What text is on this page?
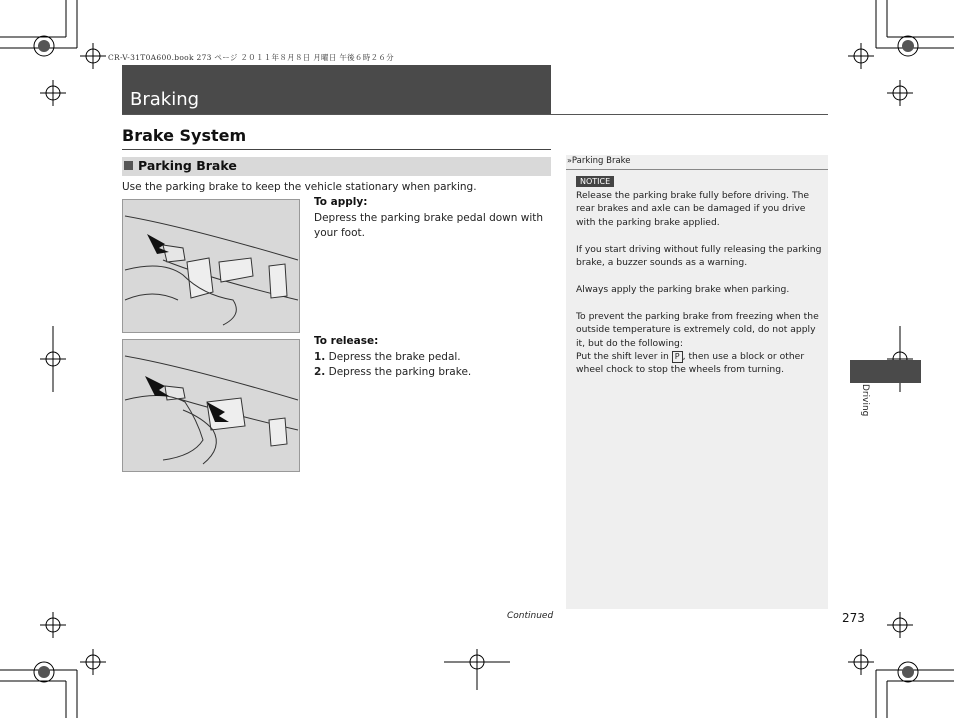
CR-V-31T0A600.book 273 ページ ２０１１年８月８日 月曜日 午後６時２６分
Braking
Brake System
Parking Brake
Use the parking brake to keep the vehicle stationary when parking.
To apply:
Depress the parking brake pedal down with your foot.
To release:
1. Depress the brake pedal.
2. Depress the parking brake.
»Parking Brake
NOTICE
Release the parking brake fully before driving. The rear brakes and axle can be damaged if you drive with the parking brake applied.
If you start driving without fully releasing the parking brake, a buzzer sounds as a warning.
Always apply the parking brake when parking.
To prevent the parking brake from freezing when the outside temperature is extremely cold, do not apply it, but do the following:
Put the shift lever in P , then use a block or other wheel chock to stop the wheels from turning.
Driving
Continued	273
